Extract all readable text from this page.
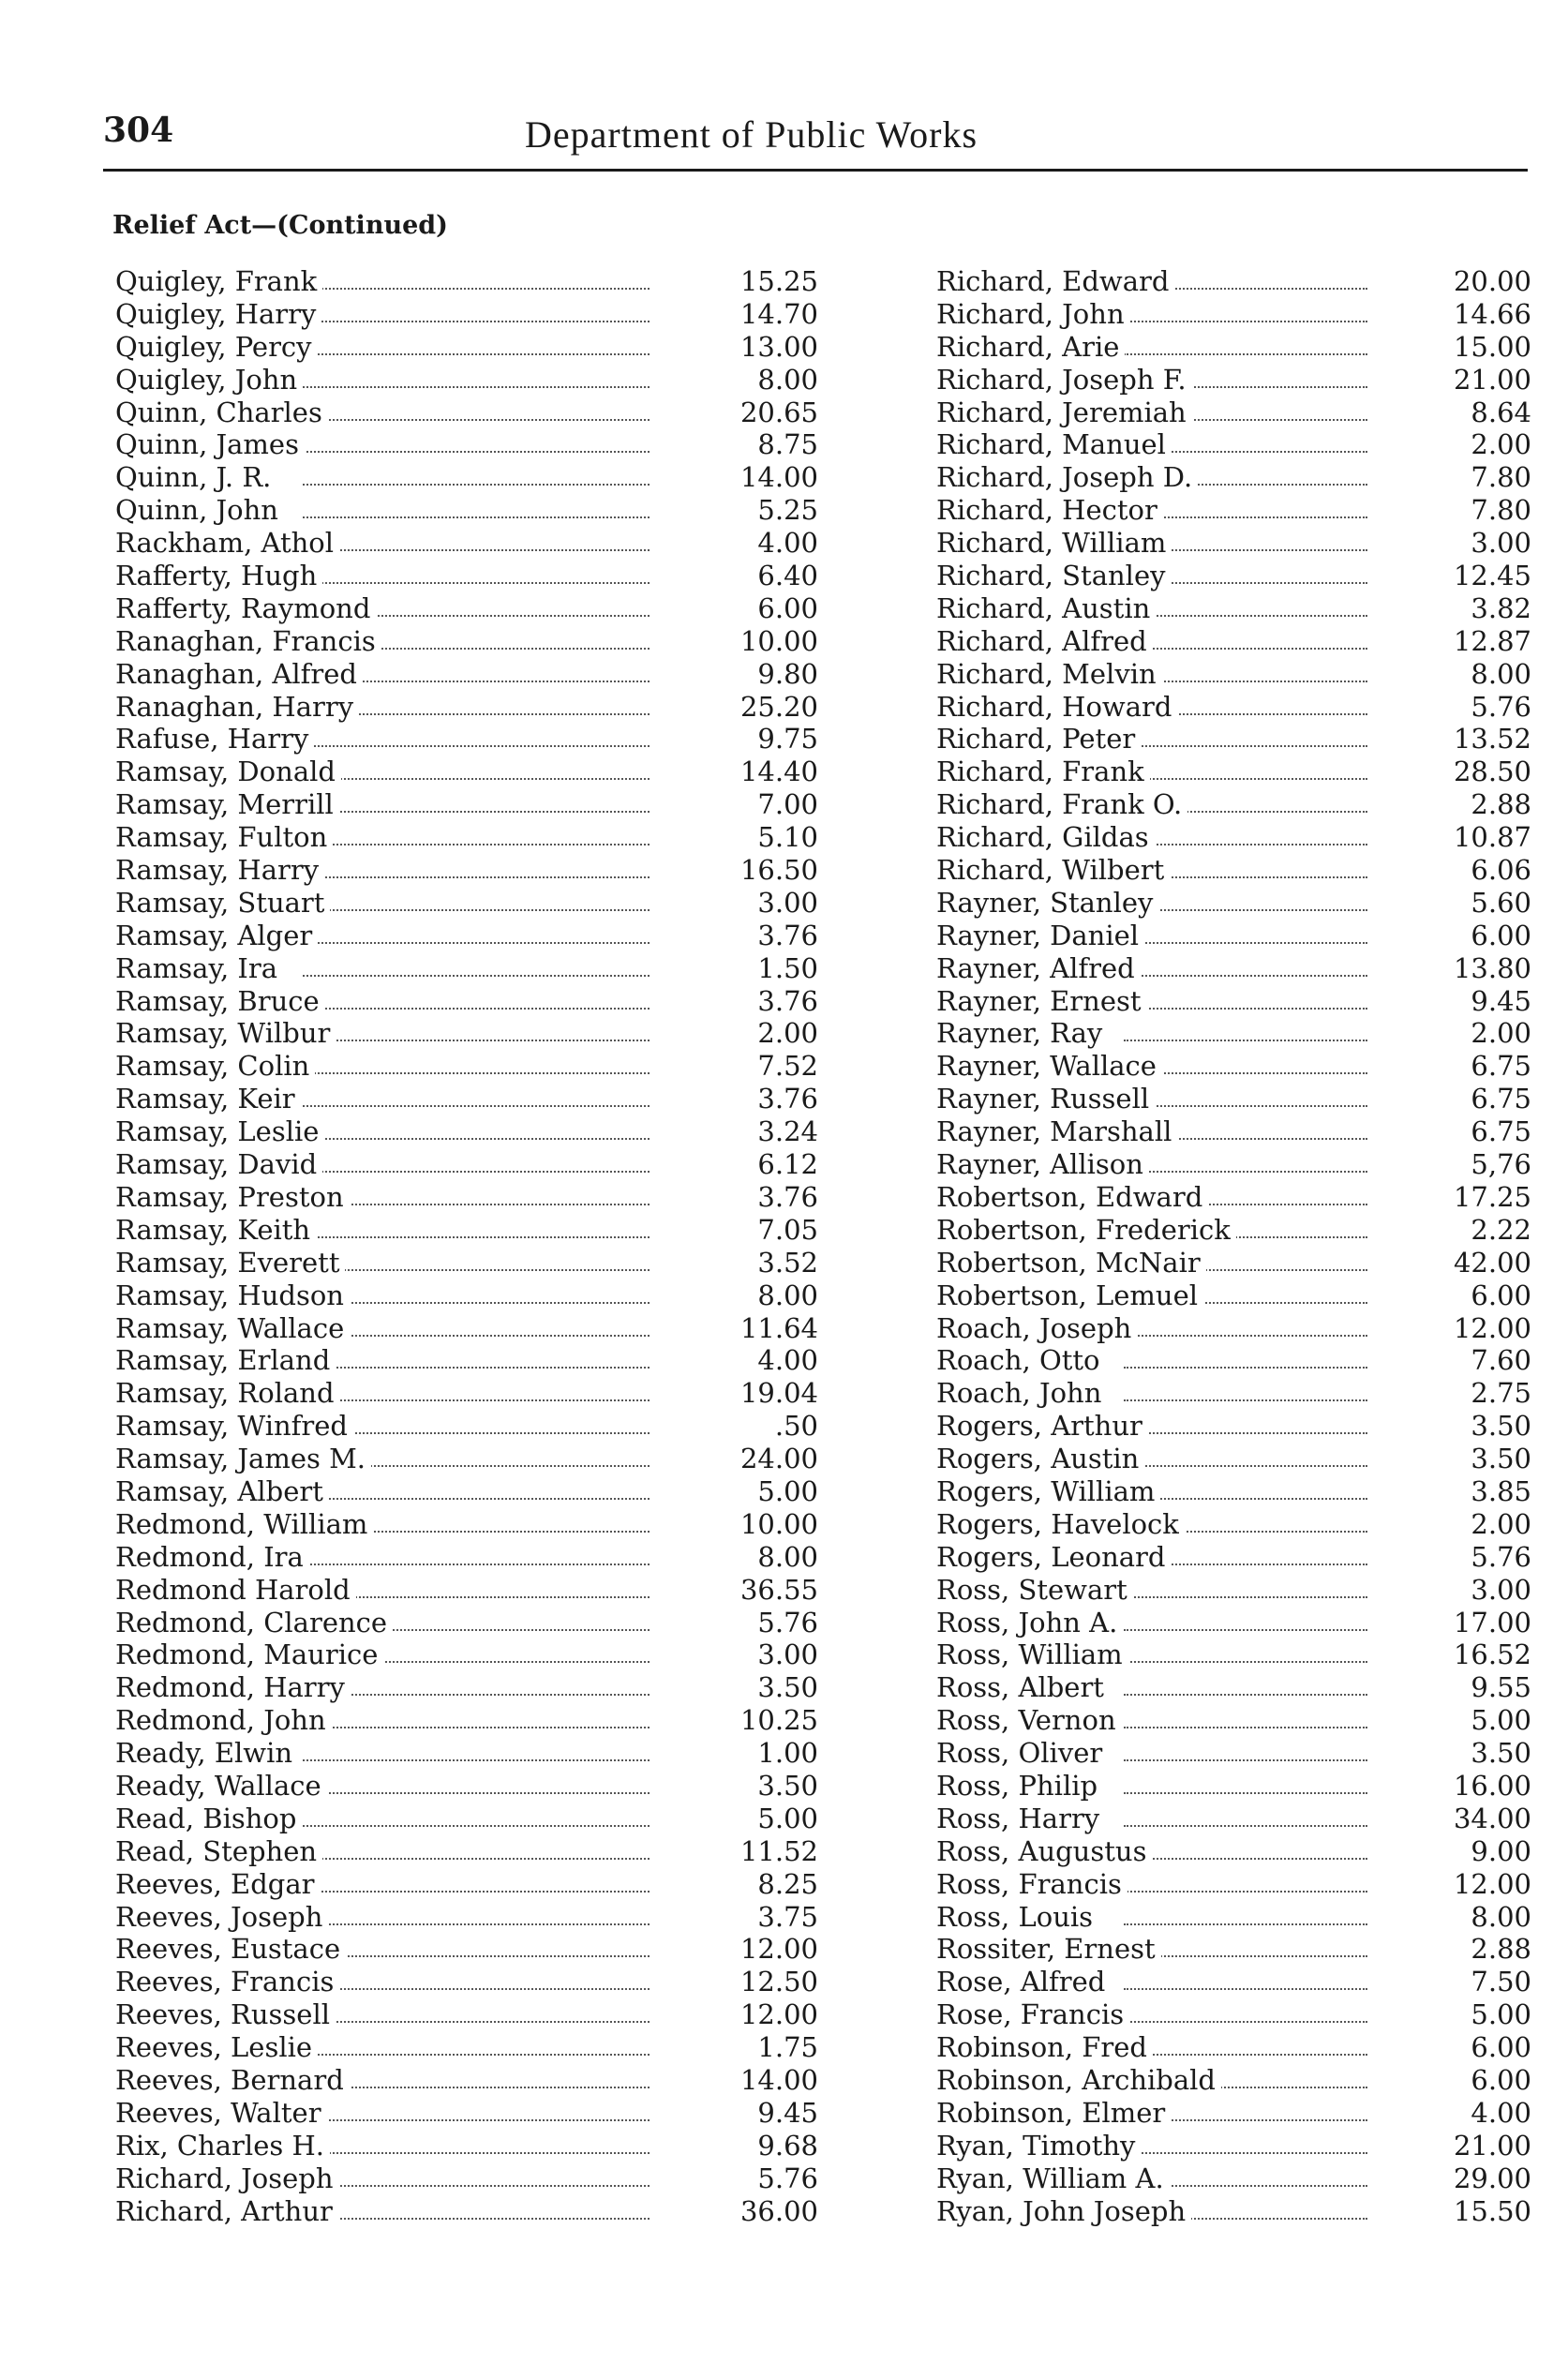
304	Department of Public Works
Relief Act—(Continued)
Quigley, Frank	15.25
Quigley, Harry	14.70
Quigley, Percy	13.00
Quigley, John	8.00
Quinn, Charles	20.65
Quinn, James	8.75
Quinn, J. R.	14.00
Quinn, John	5.25
Rackham, Athol	4.00
Rafferty, Hugh	6.40
Rafferty, Raymond	6.00
Ranaghan, Francis	10.00
Ranaghan, Alfred	9.80
Ranaghan, Harry	25.20
Rafuse, Harry	9.75
Ramsay, Donald	14.40
Ramsay, Merrill	7.00
Ramsay, Fulton	5.10
Ramsay, Harry	16.50
Ramsay, Stuart	3.00
Ramsay, Alger	3.76
Ramsay, Ira	1.50
Ramsay, Bruce	3.76
Ramsay, Wilbur	2.00
Ramsay, Colin	7.52
Ramsay, Keir	3.76
Ramsay, Leslie	3.24
Ramsay, David	6.12
Ramsay, Preston	3.76
Ramsay, Keith	7.05
Ramsay, Everett	3.52
Ramsay, Hudson	8.00
Ramsay, Wallace	11.64
Ramsay, Erland	4.00
Ramsay, Roland	19.04
Ramsay, Winfred	.50
Ramsay, James M.	24.00
Ramsay, Albert	5.00
Redmond, William	10.00
Redmond, Ira	8.00
Redmond Harold	36.55
Redmond, Clarence	5.76
Redmond, Maurice	3.00
Redmond, Harry	3.50
Redmond, John	10.25
Ready, Elwin	1.00
Ready, Wallace	3.50
Read, Bishop	5.00
Read, Stephen	11.52
Reeves, Edgar	8.25
Reeves, Joseph	3.75
Reeves, Eustace	12.00
Reeves, Francis	12.50
Reeves, Russell	12.00
Reeves, Leslie	1.75
Reeves, Bernard	14.00
Reeves, Walter	9.45
Rix, Charles H.	9.68
Richard, Joseph	5.76
Richard, Arthur	36.00
Richard, Edward	20.00
Richard, John	14.66
Richard, Arie	15.00
Richard, Joseph F.	21.00
Richard, Jeremiah	8.64
Richard, Manuel	2.00
Richard, Joseph D.	7.80
Richard, Hector	7.80
Richard, William	3.00
Richard, Stanley	12.45
Richard, Austin	3.82
Richard, Alfred	12.87
Richard, Melvin	8.00
Richard, Howard	5.76
Richard, Peter	13.52
Richard, Frank	28.50
Richard, Frank O.	2.88
Richard, Gildas	10.87
Richard, Wilbert	6.06
Rayner, Stanley	5.60
Rayner, Daniel	6.00
Rayner, Alfred	13.80
Rayner, Ernest	9.45
Rayner, Ray	2.00
Rayner, Wallace	6.75
Rayner, Russell	6.75
Rayner, Marshall	6.75
Rayner, Allison	5,76
Robertson, Edward	17.25
Robertson, Frederick	2.22
Robertson, McNair	42.00
Robertson, Lemuel	6.00
Roach, Joseph	12.00
Roach, Otto	7.60
Roach, John	2.75
Rogers, Arthur	3.50
Rogers, Austin	3.50
Rogers, William	3.85
Rogers, Havelock	2.00
Rogers, Leonard	5.76
Ross, Stewart	3.00
Ross, John A.	17.00
Ross, William	16.52
Ross, Albert	9.55
Ross, Vernon	5.00
Ross, Oliver	3.50
Ross, Philip	16.00
Ross, Harry	34.00
Ross, Augustus	9.00
Ross, Francis	12.00
Ross, Louis	8.00
Rossiter, Ernest	2.88
Rose, Alfred	7.50
Rose, Francis	5.00
Robinson, Fred	6.00
Robinson, Archibald	6.00
Robinson, Elmer	4.00
Ryan, Timothy	21.00
Ryan, William A.	29.00
Ryan, John Joseph	15.50
